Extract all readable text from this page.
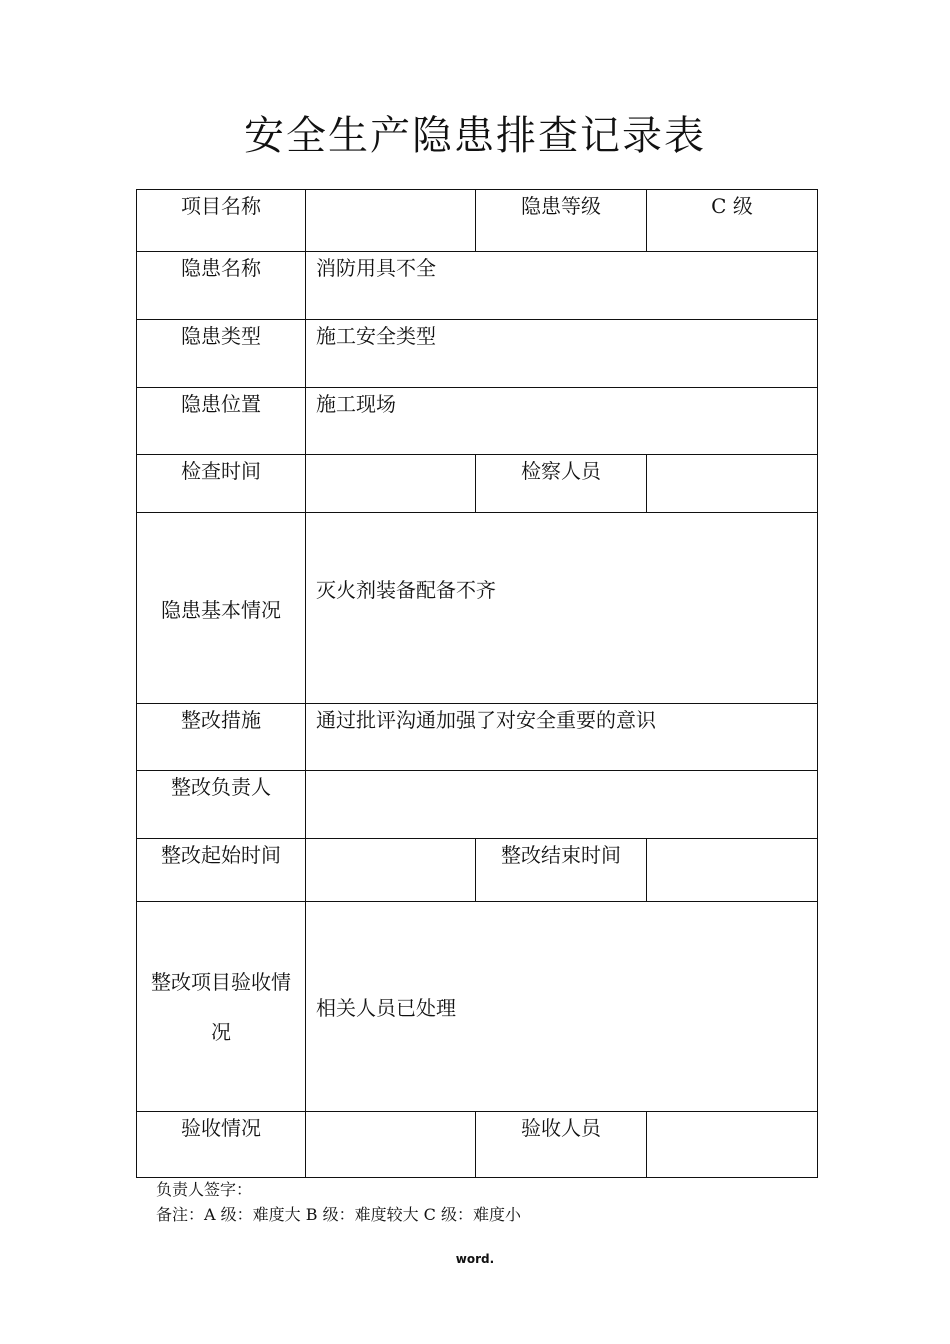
安全生产隐患排查记录表
项目名称		隐患等级	C 级
隐患名称	消防用具不全		
隐患类型	施工安全类型		
隐患位置	施工现场		
检查时间		检察人员	
隐患基本情况	灭火剂装备配备不齐		
整改措施	通过批评沟通加强了对安全重要的意识		
整改负责人			
整改起始时间		整改结束时间	
整改项目验收情况	相关人员已处理		
验收情况		验收人员	
负责人签字：
备注：A 级：难度大 B 级：难度较大 C 级：难度小
word.
